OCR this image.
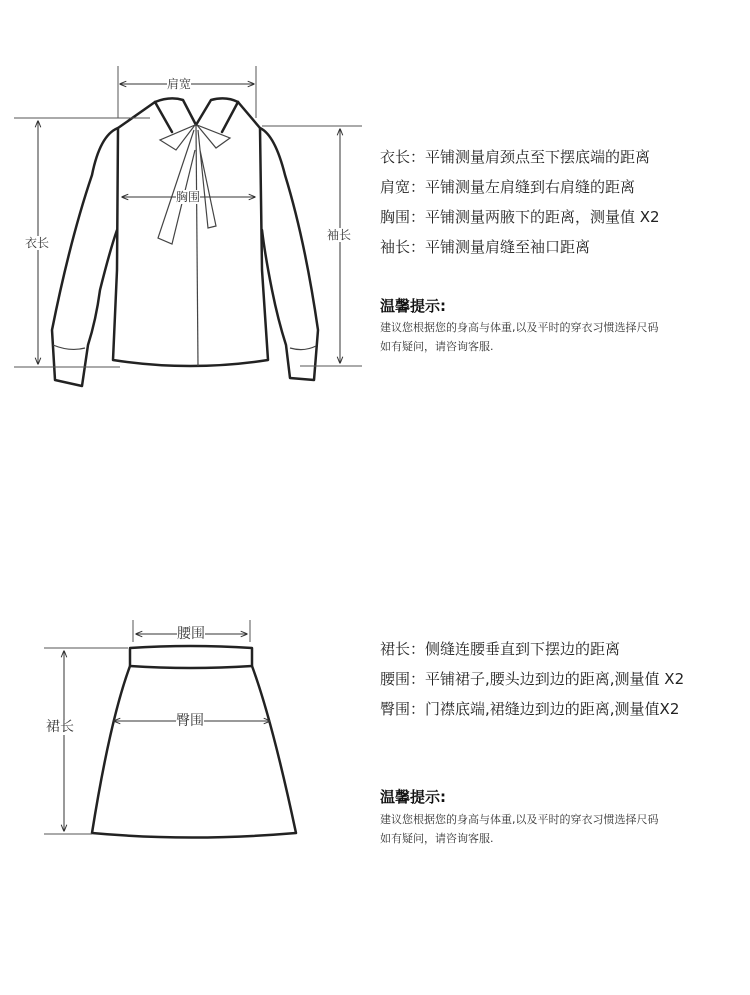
肩宽
胸围
衣长
袖长
衣长：平铺测量肩颈点至下摆底端的距离
肩宽：平铺测量左肩缝到右肩缝的距离
胸围：平铺测量两腋下的距离，测量值 X2
袖长：平铺测量肩缝至袖口距离
温馨提示:
建议您根据您的身高与体重,以及平时的穿衣习惯选择尺码
如有疑问，请咨询客服.
腰围
臀围
裙长
裙长：侧缝连腰垂直到下摆边的距离
腰围：平铺裙子,腰头边到边的距离,测量值 X2
臀围：门襟底端,裙缝边到边的距离,测量值X2
温馨提示:
建议您根据您的身高与体重,以及平时的穿衣习惯选择尺码
如有疑问，请咨询客服.
